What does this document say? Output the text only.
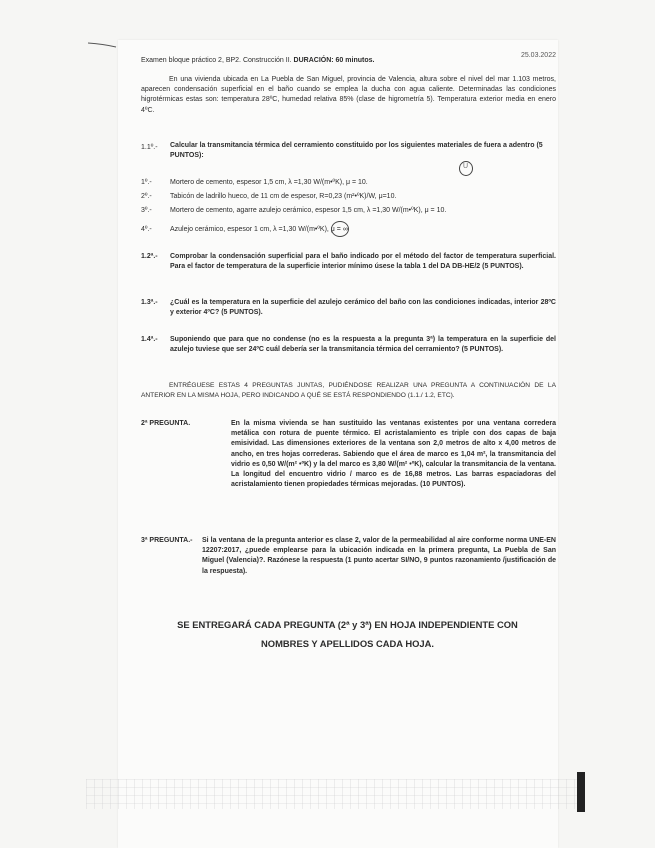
Examen bloque práctico 2, BP2. Construcción II. DURACIÓN: 60 minutos.
25.03.2022
En una vivienda ubicada en La Puebla de San Miguel, provincia de Valencia, altura sobre el nivel del mar 1.103 metros, aparecen condensación superficial en el baño cuando se emplea la ducha con agua caliente. Determinadas las condiciones higrotérmicas estas son: temperatura 28ºC, humedad relativa 85% (clase de higrometría 5). Temperatura exterior media en enero 4ºC.
1.1º.- Calcular la transmitancia térmica del cerramiento constituido por los siguientes materiales de fuera a adentro (5 PUNTOS):
U
1º.-	Mortero de cemento, espesor 1,5 cm, λ =1,30 W/(m•ºK), μ = 10.
2º.-	Tabicón de ladrillo hueco, de 11 cm de espesor, R=0,23 (m²•ºK)/W, μ=10.
3º.-	Mortero de cemento, agarre azulejo cerámico, espesor 1,5 cm, λ =1,30 W/(m•ºK), μ = 10.
4º.-	Azulejo cerámico, espesor 1 cm, λ =1,30 W/(m•ºK), μ = ∞
1.2ª.- Comprobar la condensación superficial para el baño indicado por el método del factor de temperatura superficial. Para el factor de temperatura de la superficie interior mínimo úsese la tabla 1 del DA DB-HE/2 (5 PUNTOS).
1.3ª.- ¿Cuál es la temperatura en la superficie del azulejo cerámico del baño con las condiciones indicadas, interior 28ºC y exterior 4ºC? (5 PUNTOS).
1.4ª.- Suponiendo que para que no condense (no es la respuesta a la pregunta 3ª) la temperatura en la superficie del azulejo tuviese que ser 24ºC cuál debería ser la transmitancia térmica del cerramiento? (5 PUNTOS).
ENTRÉGUESE ESTAS 4 PREGUNTAS JUNTAS, PUDIÉNDOSE REALIZAR UNA PREGUNTA A CONTINUACIÓN DE LA ANTERIOR EN LA MISMA HOJA, PERO INDICANDO A QUÉ SE ESTÁ RESPONDIENDO (1.1./ 1.2, ETC).
2ª PREGUNTA.	En la misma vivienda se han sustituido las ventanas existentes por una ventana corredera metálica con rotura de puente térmico. El acristalamiento es triple con dos capas de baja emisividad. Las dimensiones exteriores de la ventana son 2,0 metros de alto x 4,00 metros de ancho, en tres hojas correderas. Sabiendo que el área de marco es 1,04 m², la transmitancia del vidrio es 0,50 W/(m² •ºK) y la del marco es 3,80 W/(m² •ºK), calcular la transmitancia de la ventana. La longitud del encuentro vidrio / marco es de 16,88 metros. Las barras espaciadoras del acristalamiento tienen propiedades térmicas mejoradas. (10 PUNTOS).
3ª PREGUNTA.- Si la ventana de la pregunta anterior es clase 2, valor de la permeabilidad al aire conforme norma UNE-EN 12207:2017, ¿puede emplearse para la ubicación indicada en la primera pregunta, La Puebla de San Miguel (Valencia)?. Razónese la respuesta (1 punto acertar SI/NO, 9 puntos razonamiento /justificación de la respuesta).
SE ENTREGARÁ CADA PREGUNTA (2ª y 3ª) EN HOJA INDEPENDIENTE CON
NOMBRES Y APELLIDOS CADA HOJA.
